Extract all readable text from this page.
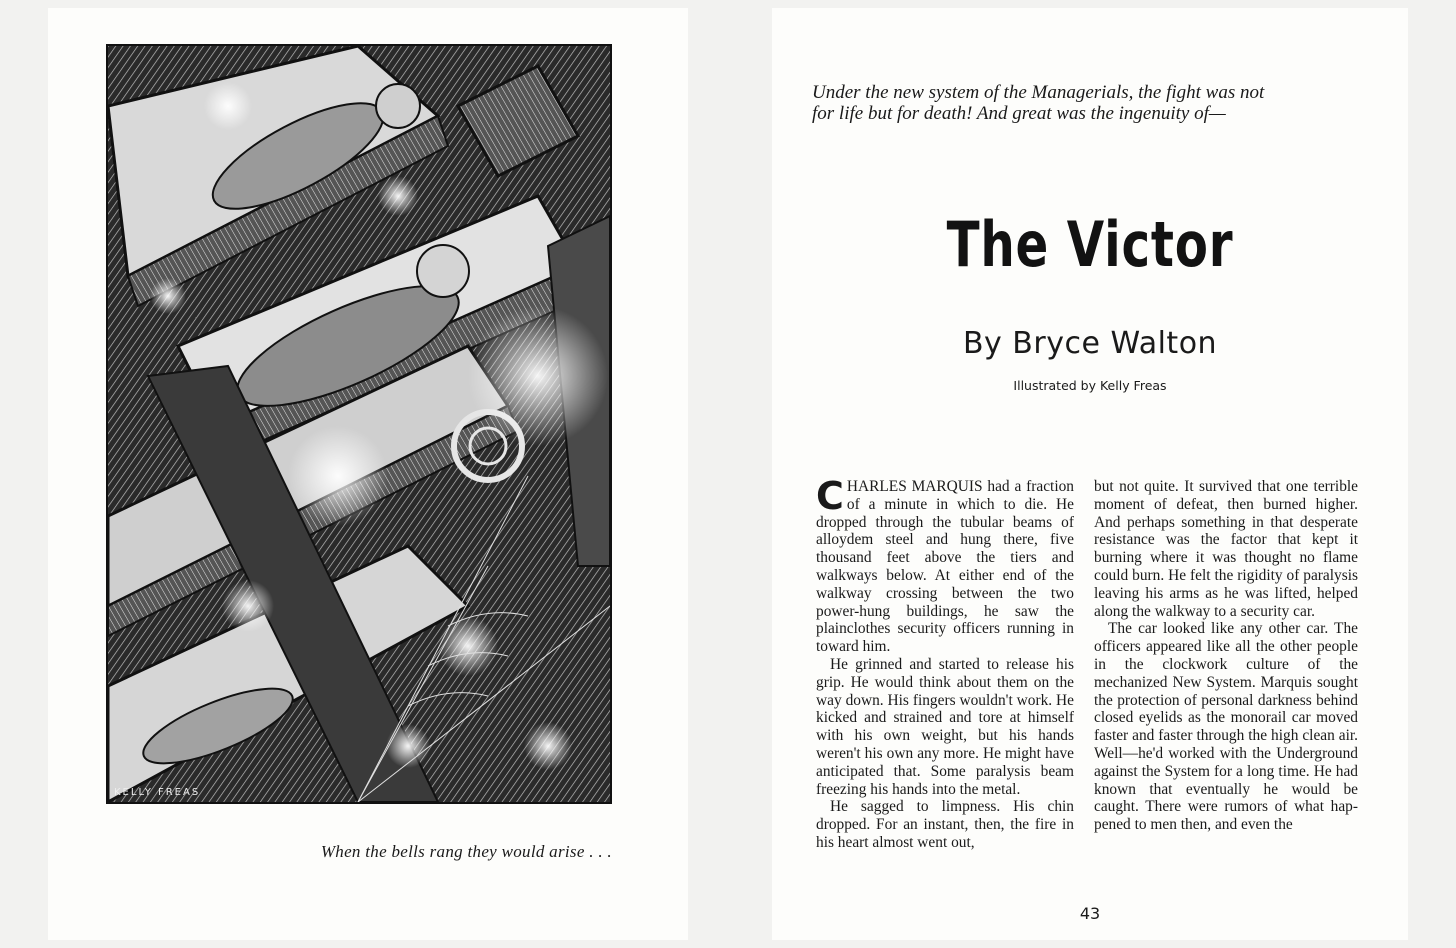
KELLY FREAS
When the bells rang they would arise . . .
Under the new system of the Managerials, the fight was not for life but for death! And great was the ingenuity of—
The Victor
By Bryce Walton
Illustrated by Kelly Freas

CHARLES MARQUIS had a fraction of a minute in which to die. He dropped through the tubular beams of alloydem steel and hung there, five thousand feet above the tiers and walkways below. At either end of the walkway crossing between the two power-hung buildings, he saw the plainclothes security officers running in toward him.

He grinned and started to release his grip. He would think about them on the way down. His fingers wouldn't work. He kicked and strained and tore at himself with his own weight, but his hands weren't his own any more. He might have anticipated that. Some paralysis beam freezing his hands into the metal.

He sagged to limpness. His chin dropped. For an instant, then, the fire in his heart almost went out,

but not quite. It survived that one terrible moment of defeat, then burned higher. And perhaps something in that desperate resistance was the factor that kept it burning where it was thought no flame could burn. He felt the rigidity of paralysis leaving his arms as he was lifted, helped along the walkway to a security car.

The car looked like any other car. The officers appeared like all the other people in the clockwork culture of the mechanized New System. Marquis sought the protection of personal darkness behind closed eyelids as the monorail car moved faster and faster through the high clean air. Well—he'd worked with the Underground against the System for a long time. He had known that eventually he would be caught. There were rumors of what happened to men then, and even the

43
